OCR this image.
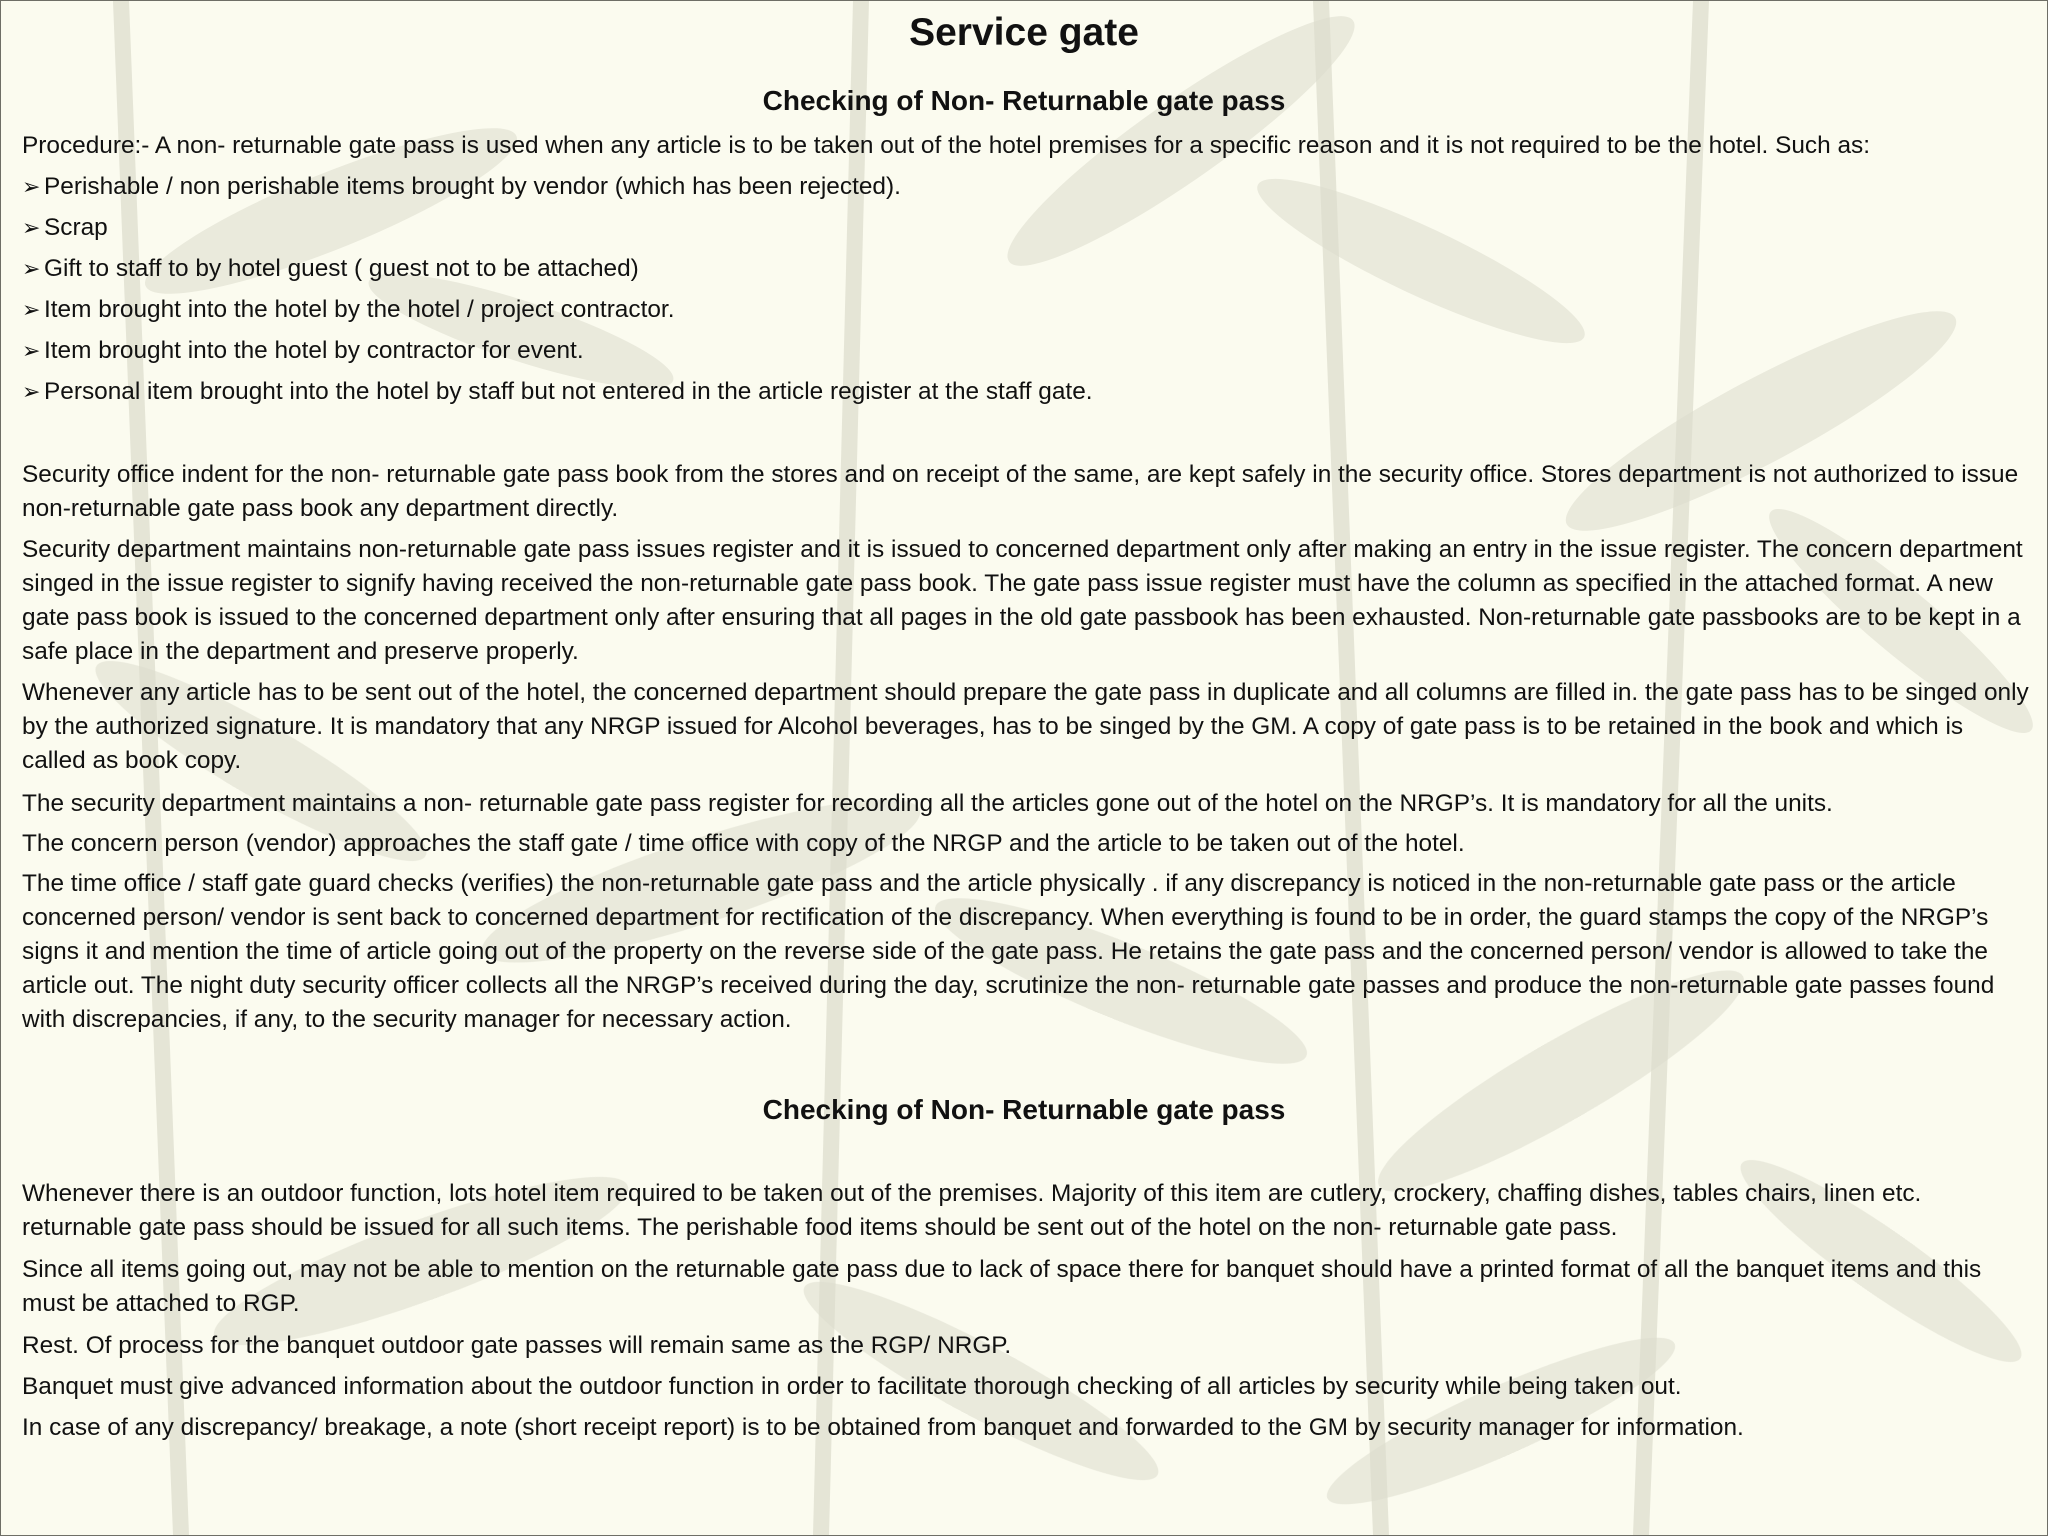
Service gate
Checking of Non- Returnable gate pass

Procedure:- A non- returnable gate pass is used when any article is to be taken out of the hotel premises for a specific reason and it is not required to be the hotel. Such as:

➢ Perishable / non perishable items brought by vendor (which has been rejected).

➢ Scrap

➢ Gift to staff to by hotel guest ( guest not to be attached)

➢ Item brought into the hotel by the hotel / project contractor.

➢ Item brought into the hotel by contractor for event.

➢ Personal item brought into the hotel by staff but not entered in the article register at the staff gate.

Security office indent for the non- returnable gate pass book from the stores and on receipt of the same, are kept safely in the security office. Stores department is not authorized to issue non-returnable gate pass book any department directly.

Security department maintains non-returnable gate pass issues register and it is issued to concerned department only after making an entry in the issue register. The concern department singed in the issue register to signify having received the non-returnable gate pass book. The gate pass issue register must have the column as specified in the attached format. A new gate pass book is issued to the concerned department only after ensuring that all pages in the old gate passbook has been exhausted. Non-returnable gate passbooks are to be kept in a safe place in the department and preserve properly.

Whenever any article has to be sent out of the hotel, the concerned department should prepare the gate pass in duplicate and all columns are filled in. the gate pass has to be singed only by the authorized signature. It is mandatory that any NRGP issued for Alcohol beverages, has to be singed by the GM. A copy of gate pass is to be retained in the book and which is called as book copy.

The security department maintains a non- returnable gate pass register for recording all the articles gone out of the hotel on the NRGP’s. It is mandatory for all the units.

The concern person (vendor) approaches the staff gate / time office with copy of the NRGP and the article to be taken out of the hotel.

The time office / staff gate guard checks (verifies) the non-returnable gate pass and the article physically . if any discrepancy is noticed in the non-returnable gate pass or the article concerned person/ vendor is sent back to concerned department for rectification of the discrepancy. When everything is found to be in order, the guard stamps the copy of the NRGP’s signs it and mention the time of article going out of the property on the reverse side of the gate pass. He retains the gate pass and the concerned person/ vendor is allowed to take the article out. The night duty security officer collects all the NRGP’s received during the day, scrutinize the non- returnable gate passes and produce the non-returnable gate passes found with discrepancies, if any, to the security manager for necessary action.

Checking of Non- Returnable gate pass

Whenever there is an outdoor function, lots hotel item required to be taken out of the premises. Majority of this item are cutlery, crockery, chaffing dishes, tables chairs, linen etc. returnable gate pass should be issued for all such items. The perishable food items should be sent out of the hotel on the non- returnable gate pass.

Since all items going out, may not be able to mention on the returnable gate pass due to lack of space there for banquet should have a printed format of all the banquet items and this must be attached to RGP.

Rest. Of process for the banquet outdoor gate passes will remain same as the RGP/ NRGP.

Banquet must give advanced information about the outdoor function in order to facilitate thorough checking of all articles by security while being taken out.

In case of any discrepancy/ breakage, a note (short receipt report) is to be obtained from banquet and forwarded to the GM by security manager for information.
